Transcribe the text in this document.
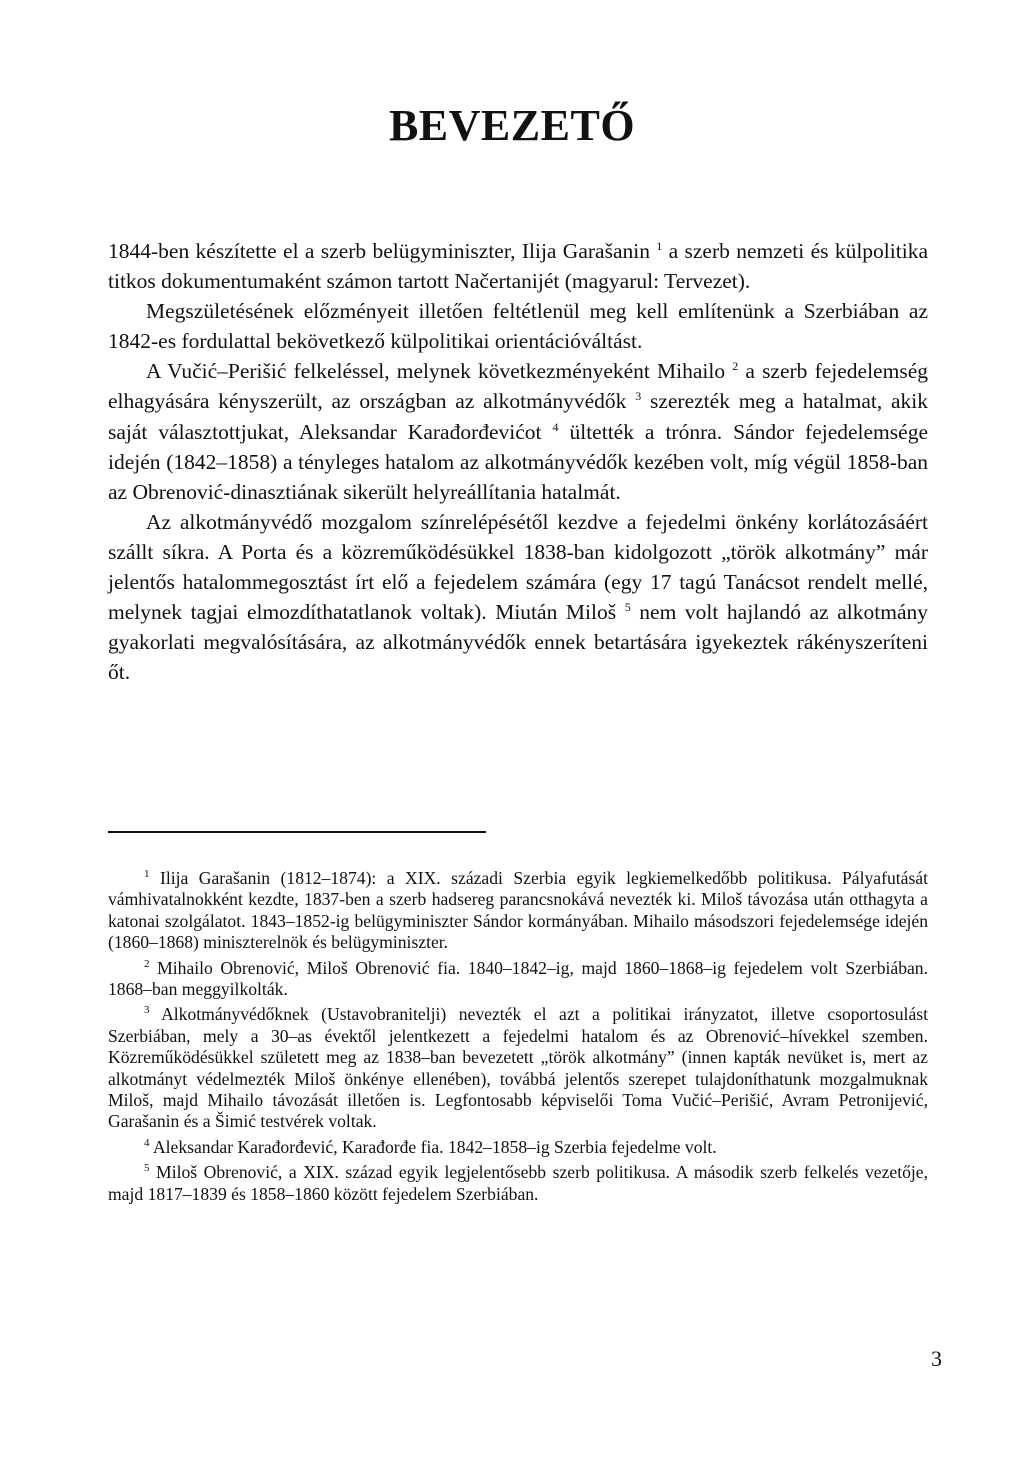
BEVEZETŐ

1844-ben készítette el a szerb belügyminiszter, Ilija Garašanin $^1$ a szerb nemzeti és külpolitika titkos dokumentumaként számon tartott Načertanijét (magyarul: Tervezet).

Megszületésének előzményeit illetően feltétlenül meg kell említenünk a Szerbiában az 1842-es fordulattal bekövetkező külpolitikai orientációváltást.

A Vučić–Perišić felkeléssel, melynek következményeként Mihailo $^2$ a szerb fejedelemség elhagyására kényszerült, az országban az alkotmányvédők $^3$ szerezték meg a hatalmat, akik saját választottjukat, Aleksandar Karađorđevićot $^4$ ültették a trónra. Sándor fejedelemsége idején (1842–1858) a tényleges hatalom az alkotmányvédők kezében volt, míg végül 1858-ban az Obrenović-dinasztiának sikerült helyreállítania hatalmát.

Az alkotmányvédő mozgalom színrelépésétől kezdve a fejedelmi önkény korlátozásáért szállt síkra. A Porta és a közreműködésükkel 1838-ban kidolgozott „török alkotmány” már jelentős hatalommegosztást írt elő a fejedelem számára (egy 17 tagú Tanácsot rendelt mellé, melynek tagjai elmozdíthatatlanok voltak). Miután Miloš $^5$ nem volt hajlandó az alkotmány gyakorlati megvalósítására, az alkotmányvédők ennek betartására igyekeztek rákényszeríteni őt.

$^1$ Ilija Garašanin (1812–1874): a XIX. századi Szerbia egyik legkiemelkedőbb politikusa. Pályafutását vámhivatalnokként kezdte, 1837-ben a szerb hadsereg parancsnokává nevezték ki. Miloš távozása után otthagyta a katonai szolgálatot. 1843–1852-ig belügyminiszter Sándor kormányában. Mihailo másodszori fejedelemsége idején (1860–1868) miniszterelnök és belügyminiszter.

$^2$ Mihailo Obrenović, Miloš Obrenović fia. 1840–1842–ig, majd 1860–1868–ig fejedelem volt Szerbiában. 1868–ban meggyilkolták.

$^3$ Alkotmányvédőknek (Ustavobranitelji) nevezték el azt a politikai irányzatot, illetve csoportosulást Szerbiában, mely a 30–as évektől jelentkezett a fejedelmi hatalom és az Obrenović–hívekkel szemben. Közreműködésükkel született meg az 1838–ban bevezetett „török alkotmány” (innen kapták nevüket is, mert az alkotmányt védelmezték Miloš önkénye ellenében), továbbá jelentős szerepet tulajdoníthatunk mozgalmuknak Miloš, majd Mihailo távozását illetően is. Legfontosabb képviselői Toma Vučić–Perišić, Avram Petronijević, Garašanin és a Šimić testvérek voltak.

$^4$ Aleksandar Karađorđević, Karađorđe fia. 1842–1858–ig Szerbia fejedelme volt.

$^5$ Miloš Obrenović, a XIX. század egyik legjelentősebb szerb politikusa. A második szerb felkelés vezetője, majd 1817–1839 és 1858–1860 között fejedelem Szerbiában.

3
